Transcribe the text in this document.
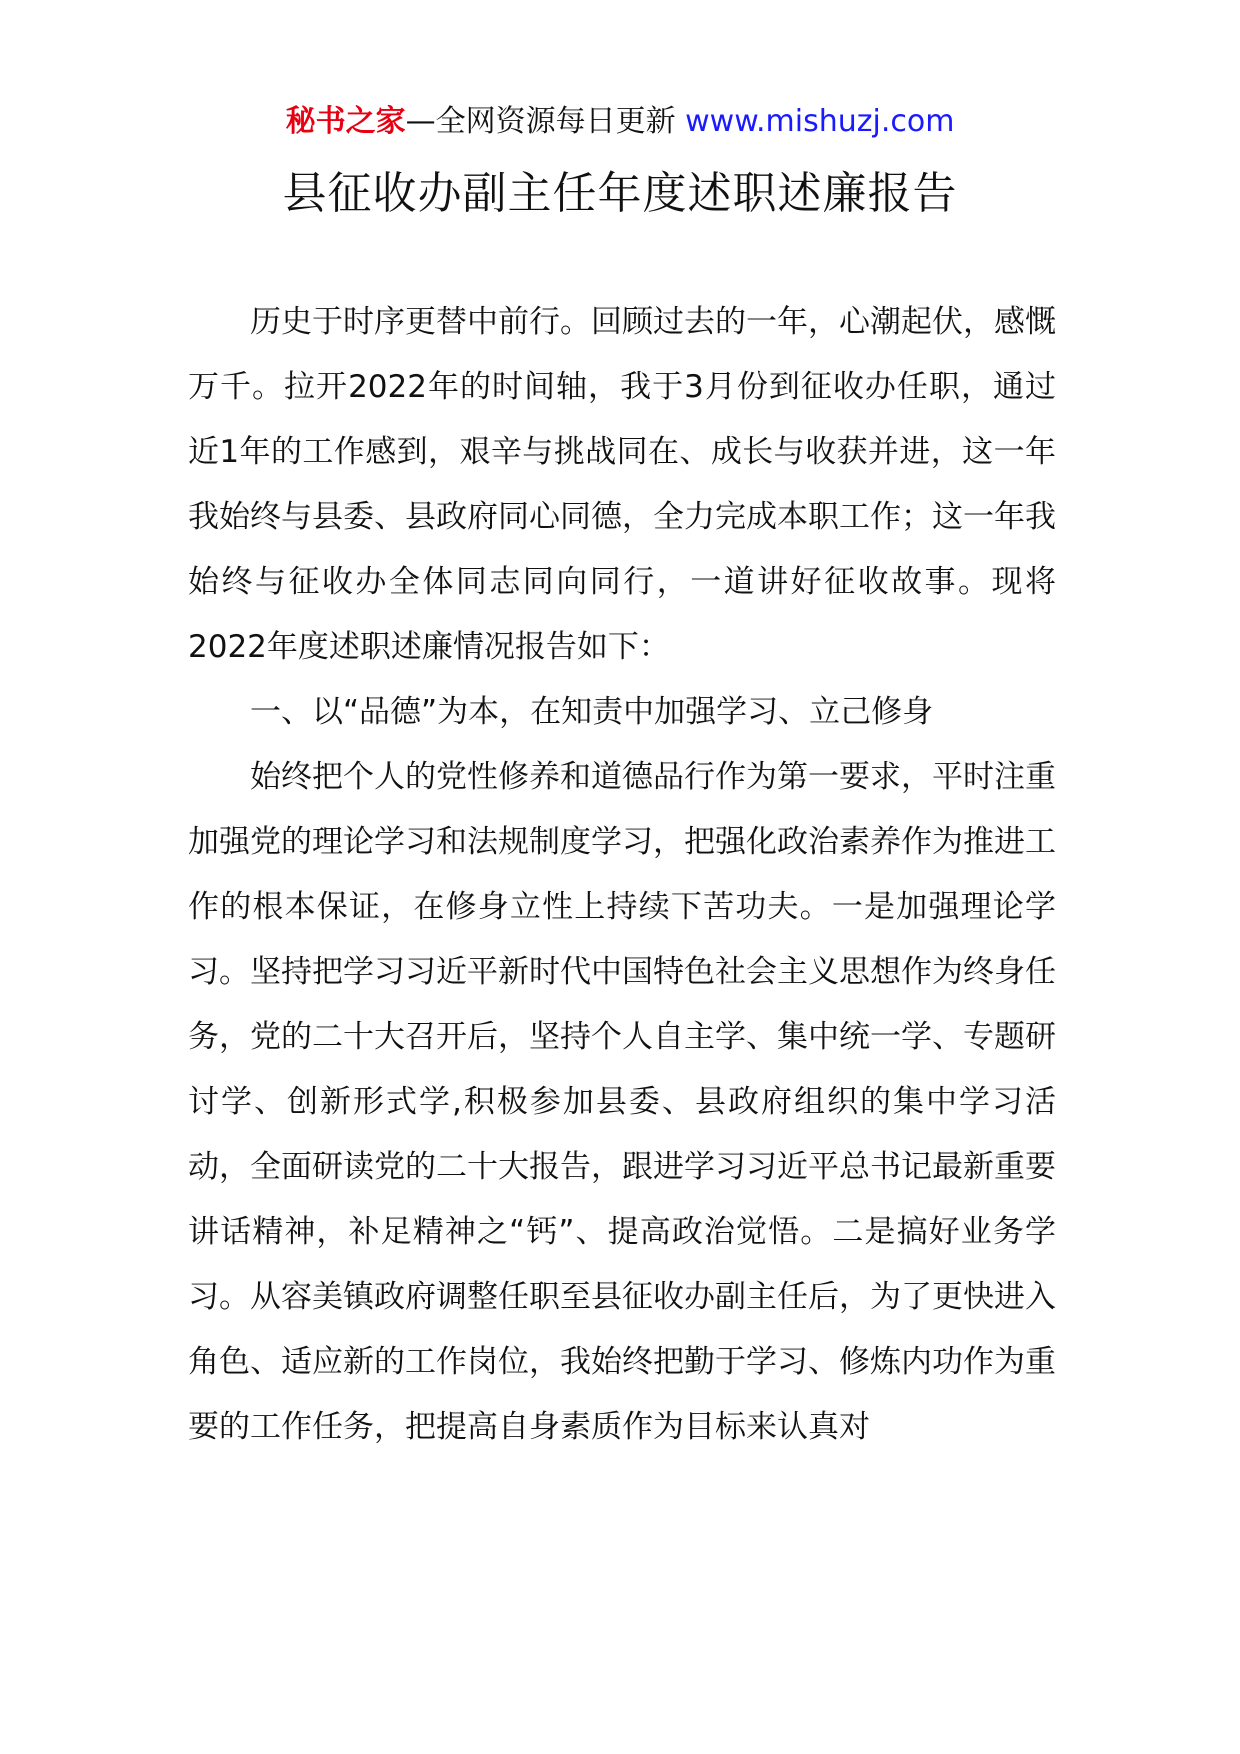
秘书之家—全网资源每日更新 www.mishuzj.com
县征收办副主任年度述职述廉报告

历史于时序更替中前行。回顾过去的一年，心潮起伏，感慨万千。拉开2022年的时间轴，我于3月份到征收办任职，通过近1年的工作感到，艰辛与挑战同在、成长与收获并进，这一年我始终与县委、县政府同心同德，全力完成本职工作；这一年我始终与征收办全体同志同向同行，一道讲好征收故事。现将2022年度述职述廉情况报告如下：

一、以“品德”为本，在知责中加强学习、立己修身

始终把个人的党性修养和道德品行作为第一要求，平时注重加强党的理论学习和法规制度学习，把强化政治素养作为推进工作的根本保证，在修身立性上持续下苦功夫。一是加强理论学习。坚持把学习习近平新时代中国特色社会主义思想作为终身任务，党的二十大召开后，坚持个人自主学、集中统一学、专题研讨学、创新形式学,积极参加县委、县政府组织的集中学习活动，全面研读党的二十大报告，跟进学习习近平总书记最新重要讲话精神，补足精神之“钙”、提高政治觉悟。二是搞好业务学习。从容美镇政府调整任职至县征收办副主任后，为了更快进入角色、适应新的工作岗位，我始终把勤于学习、修炼内功作为重要的工作任务，把提高自身素质作为目标来认真对
